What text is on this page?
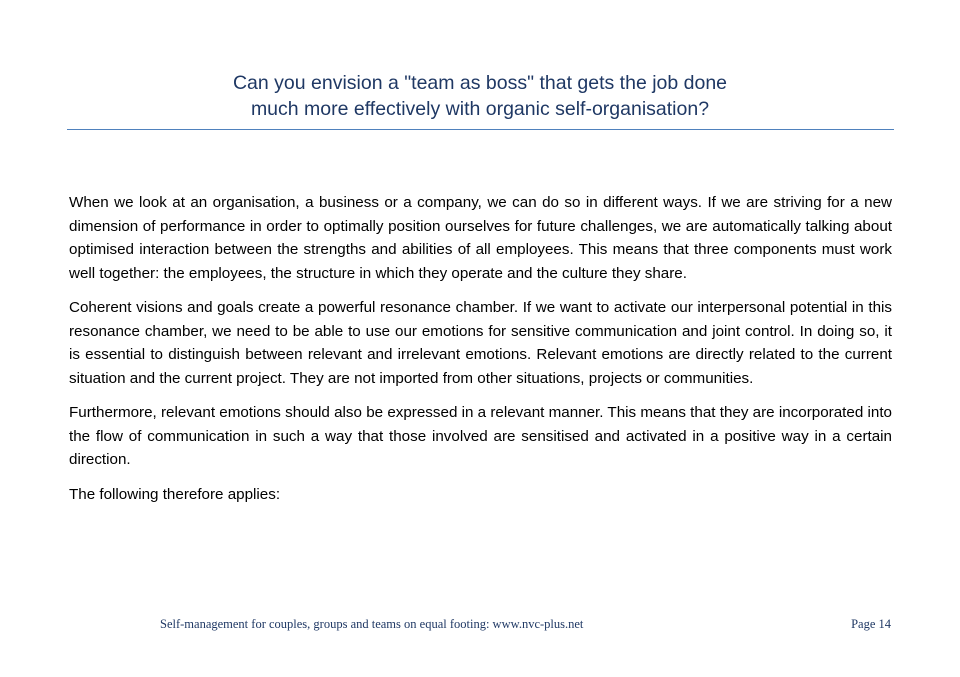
Can you envision a "team as boss" that gets the job done
much more effectively with organic self-organisation?

When we look at an organisation, a business or a company, we can do so in different ways. If we are striving for a new dimension of performance in order to optimally position ourselves for future challenges, we are automatically talking about optimised interaction between the strengths and abilities of all employees. This means that three components must work well together: the employees, the structure in which they operate and the culture they share.

Coherent visions and goals create a powerful resonance chamber. If we want to activate our interpersonal potential in this resonance chamber, we need to be able to use our emotions for sensitive communication and joint control. In doing so, it is essential to distinguish between relevant and irrelevant emotions. Relevant emotions are directly related to the current situation and the current project. They are not imported from other situations, projects or communities.

Furthermore, relevant emotions should also be expressed in a relevant manner. This means that they are incorporated into the flow of communication in such a way that those involved are sensitised and activated in a positive way in a certain direction.

The following therefore applies:

Self-management for couples, groups and teams on equal footing: www.nvc-plus.net	Page 14
